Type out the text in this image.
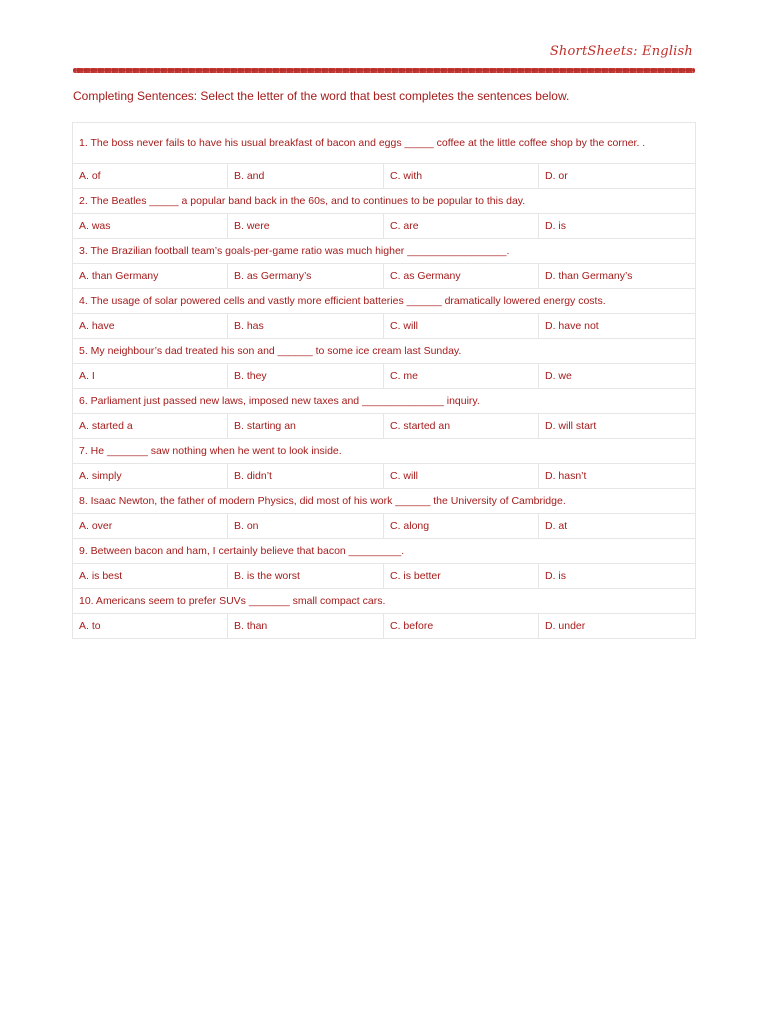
ShortSheets: English
Completing Sentences: Select the letter of the word that best completes the sentences below.
1. The boss never fails to have his usual breakfast of bacon and eggs _____ coffee at the little coffee shop by the corner. .			
A. of	B. and	C. with	D. or
2. The Beatles _____ a popular band back in the 60s, and to continues to be popular to this day.			
A. was	B. were	C. are	D. is
3. The Brazilian football team’s goals-per-game ratio was much higher _________________.			
A. than Germany	B. as Germany’s	C. as Germany	D. than Germany’s
4. The usage of solar powered cells and vastly more efficient batteries ______ dramatically lowered energy costs.			
A. have	B. has	C. will	D. have not
5. My neighbour’s dad treated his son and ______ to some ice cream last Sunday.			
A. I	B. they	C. me	D. we
6. Parliament just passed new laws, imposed new taxes and ______________ inquiry.			
A. started a	B. starting an	C. started an	D. will start
7. He _______ saw nothing when he went to look inside.			
A. simply	B. didn’t	C. will	D. hasn’t
8. Isaac Newton, the father of modern Physics, did most of his work ______ the University of Cambridge.			
A. over	B. on	C. along	D. at
9. Between bacon and ham, I certainly believe that bacon _________.			
A. is best	B. is the worst	C. is better	D. is
10. Americans seem to prefer SUVs _______ small compact cars.			
A. to	B. than	C. before	D. under
